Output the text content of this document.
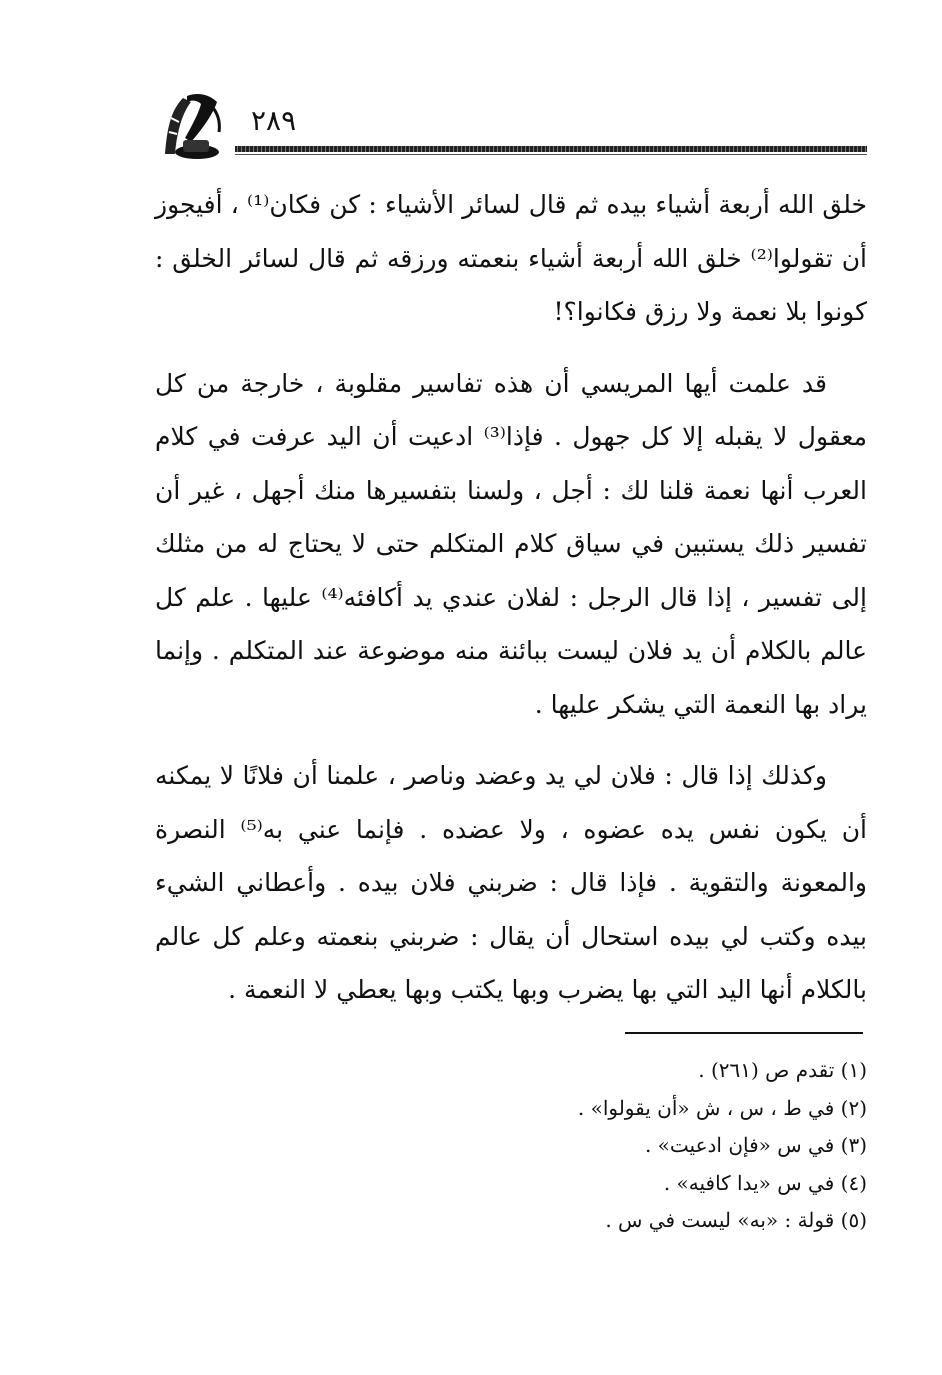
٢٨٩

خلق الله أربعة أشياء بيده ثم قال لسائر الأشياء : كن فكان⁽¹⁾ ، أفيجوز أن تقولوا⁽²⁾ خلق الله أربعة أشياء بنعمته ورزقه ثم قال لسائر الخلق : كونوا بلا نعمة ولا رزق فكانوا؟!

قد علمت أيها المريسي أن هذه تفاسير مقلوبة ، خارجة من كل معقول لا يقبله إلا كل جهول . فإذا⁽³⁾ ادعيت أن اليد عرفت في كلام العرب أنها نعمة قلنا لك : أجل ، ولسنا بتفسيرها منك أجهل ، غير أن تفسير ذلك يستبين في سياق كلام المتكلم حتى لا يحتاج له من مثلك إلى تفسير ، إذا قال الرجل : لفلان عندي يد أكافئه⁽⁴⁾ عليها . علم كل عالم بالكلام أن يد فلان ليست ببائنة منه موضوعة عند المتكلم . وإنما يراد بها النعمة التي يشكر عليها .

وكذلك إذا قال : فلان لي يد وعضد وناصر ، علمنا أن فلانًا لا يمكنه أن يكون نفس يده عضوه ، ولا عضده . فإنما عني به⁽⁵⁾ النصرة والمعونة والتقوية . فإذا قال : ضربني فلان بيده . وأعطاني الشيء بيده وكتب لي بيده استحال أن يقال : ضربني بنعمته وعلم كل عالم بالكلام أنها اليد التي بها يضرب وبها يكتب وبها يعطي لا النعمة .

(١) تقدم ص (٢٦١) .

(٢) في ط ، س ، ش «أن يقولوا» .

(٣) في س «فإن ادعيت» .

(٤) في س «يدا كافيه» .

(٥) قولة : «به» ليست في س .
